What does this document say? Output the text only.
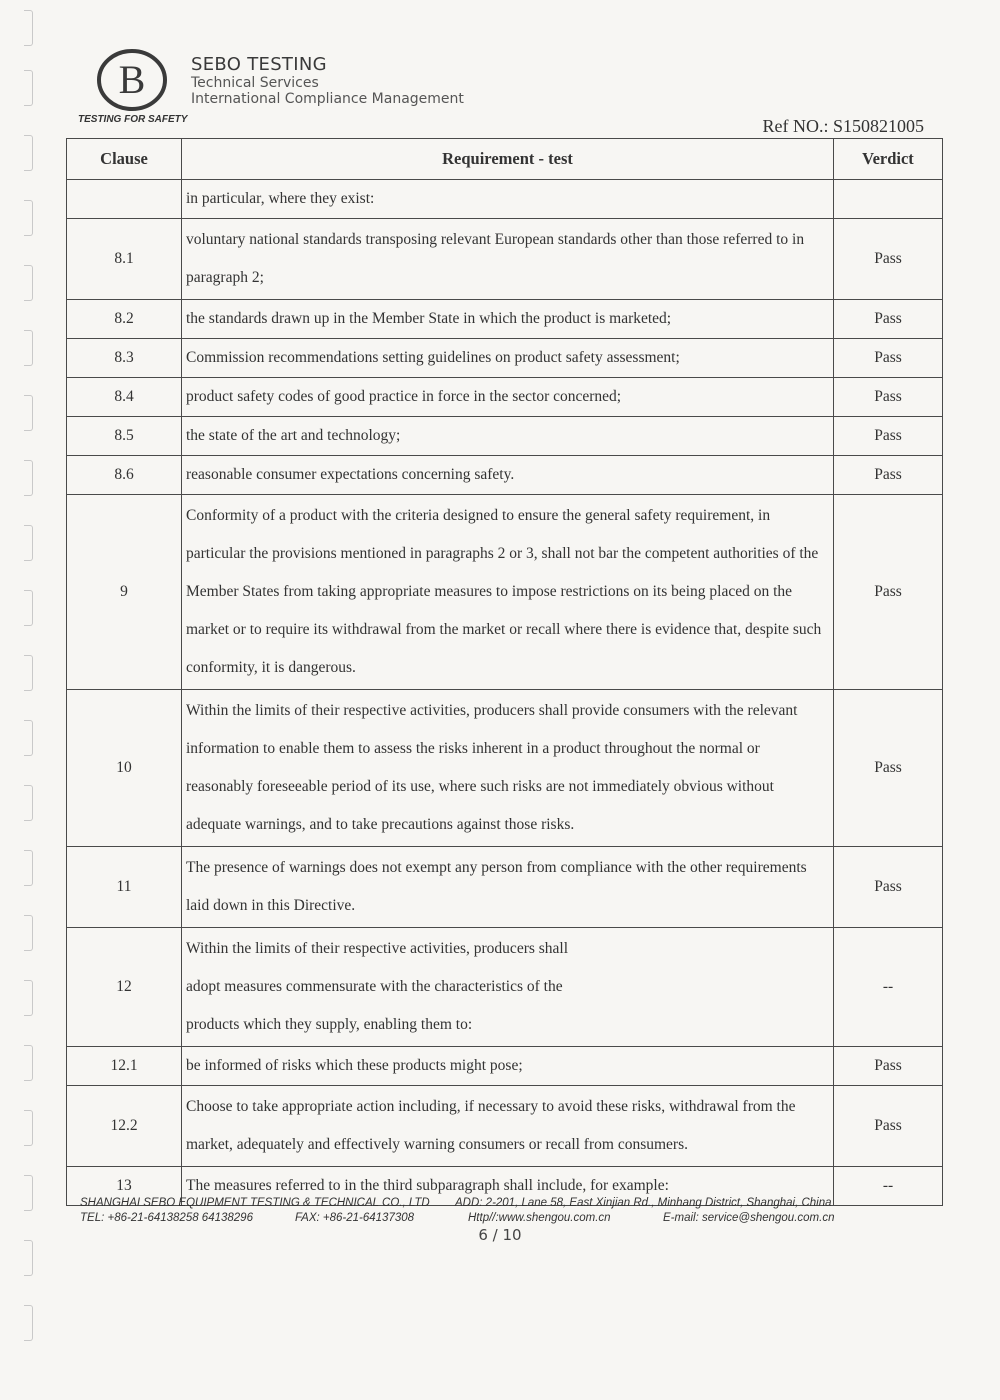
B
TESTING FOR SAFETY
SEBO TESTING
Technical Services
International Compliance Management
Ref NO.: S150821005
Clause	Requirement - test	Verdict
	in particular, where they exist:	
8.1	voluntary national standards transposing relevant European standards other than those referred to in paragraph 2;	Pass
8.2	the standards drawn up in the Member State in which the product is marketed;	Pass
8.3	Commission recommendations setting guidelines on product safety assessment;	Pass
8.4	product safety codes of good practice in force in the sector concerned;	Pass
8.5	the state of the art and technology;	Pass
8.6	reasonable consumer expectations concerning safety.	Pass
9	Conformity of a product with the criteria designed to ensure the general safety requirement, in particular the provisions mentioned in paragraphs 2 or 3, shall not bar the competent authorities of the Member States from taking appropriate measures to impose restrictions on its being placed on the market or to require its withdrawal from the market or recall where there is evidence that, despite such conformity, it is dangerous.	Pass
10	Within the limits of their respective activities, producers shall provide consumers with the relevant information to enable them to assess the risks inherent in a product throughout the normal or reasonably foreseeable period of its use, where such risks are not immediately obvious without adequate warnings, and to take precautions against those risks.	Pass
11	The presence of warnings does not exempt any person from compliance with the other requirements laid down in this Directive.	Pass
12	Within the limits of their respective activities, producers shall adopt measures commensurate with the characteristics of the products which they supply, enabling them to:	--
12.1	be informed of risks which these products might pose;	Pass
12.2	Choose to take appropriate action including, if necessary to avoid these risks, withdrawal from the market, adequately and effectively warning consumers or recall from consumers.	Pass
13	The measures referred to in the third subparagraph shall include, for example:	--
SHANGHAI SEBO EQUIPMENT TESTING & TECHNICAL CO., LTD
TEL: +86-21-64138258 64138296	FAX: +86-21-64137308
ADD: 2-201, Lane 58, East Xinjian Rd., Minhang District, Shanghai, China
Http//:www.shengou.com.cn	E-mail: service@shengou.com.cn
6 / 10
